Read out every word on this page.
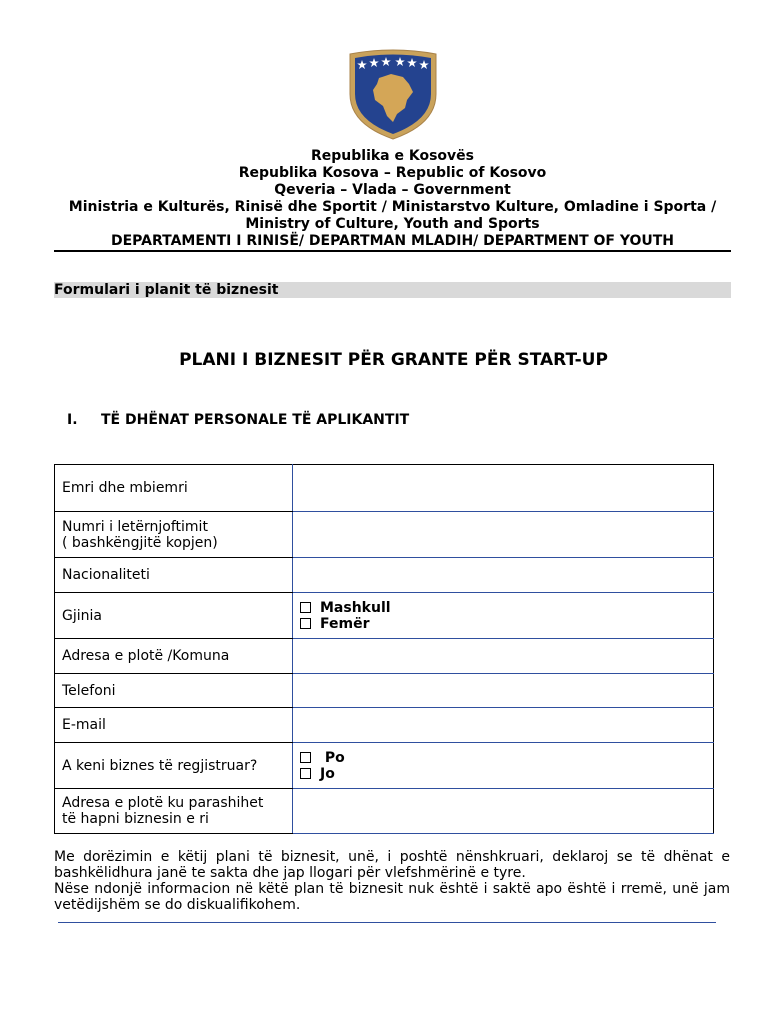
Republika e Kosovës
Republika Kosova – Republic of Kosovo
Qeveria – Vlada – Government
Ministria e Kulturës, Rinisë dhe Sportit / Ministarstvo Kulture, Omladine i Sporta /
Ministry of Culture, Youth and Sports
DEPARTAMENTI I RINISË/ DEPARTMAN MLADIH/ DEPARTMENT OF YOUTH
Formulari i planit të biznesit
PLANI I BIZNESIT PËR GRANTE PËR START-UP
I. TË DHËNAT PERSONALE TË APLIKANTIT
Emri dhe mbiemri	

Numri i letërnjoftimit
( bashkëngjitë kopjen)	

Nacionaliteti	
Gjinia	Mashkull
Femër

Adresa e plotë /Komuna	
Telefoni	
E-mail	
A keni biznes të regjistruar?	Po
Jo

Adresa e plotë ku parashihet
të hapni biznesin e ri	

Me dorëzimin e këtij plani të biznesit, unë, i poshtë nënshkruari, deklaroj se të dhënat e bashkëlidhura janë te sakta dhe jap llogari për vlefshmërinë e tyre.

Nëse ndonjë informacion në këtë plan të biznesit nuk është i saktë apo është i rremë, unë jam vetëdijshëm se do diskualifikohem.
